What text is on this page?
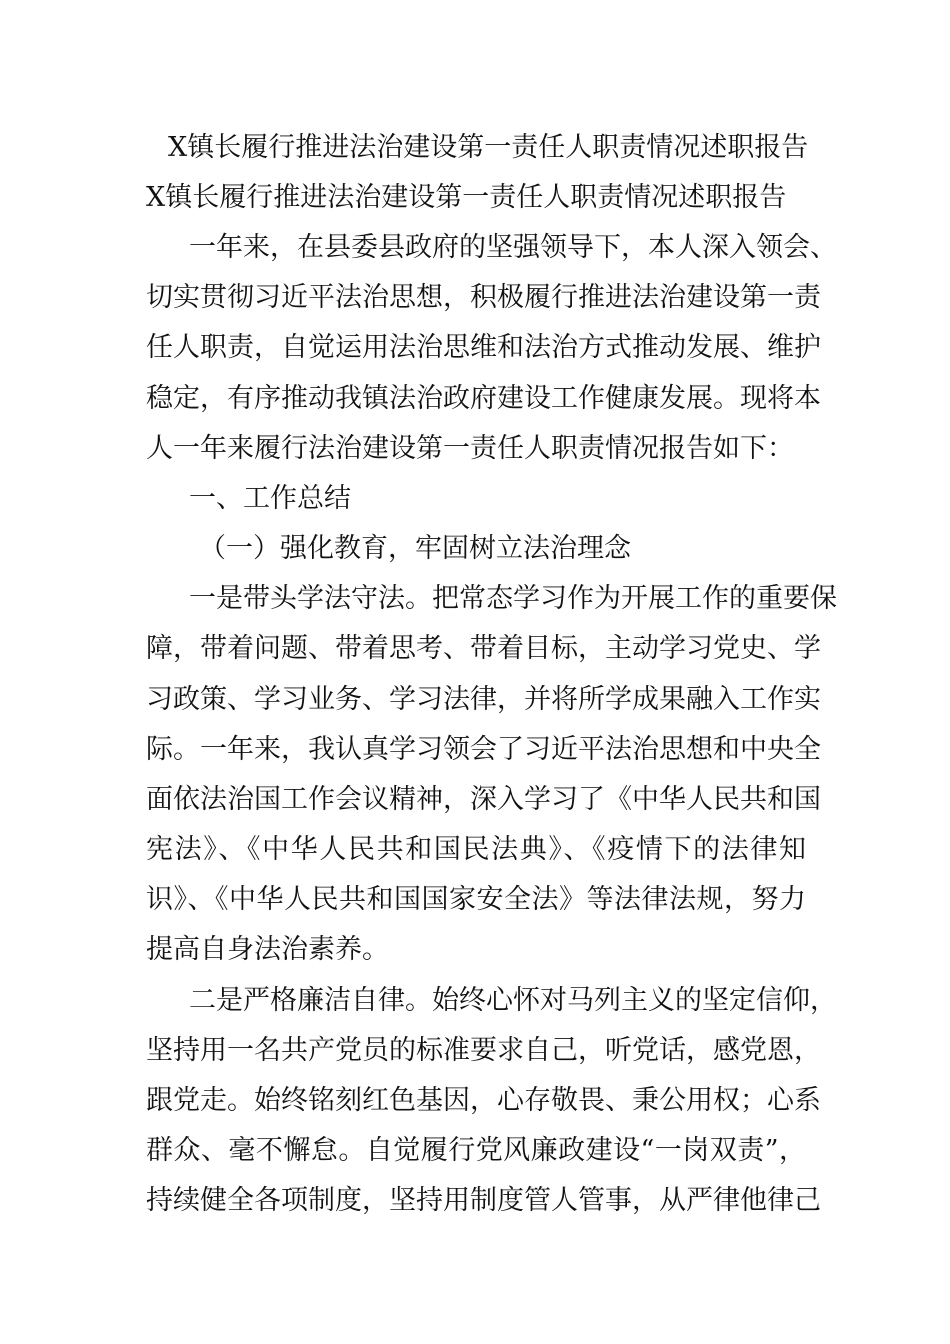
X镇长履行推进法治建设第一责任人职责情况述职报告
X镇长履行推进法治建设第一责任人职责情况述职报告
一年来，在县委县政府的坚强领导下，本人深入领会、
切实贯彻习近平法治思想，积极履行推进法治建设第一责
任人职责，自觉运用法治思维和法治方式推动发展、维护
稳定，有序推动我镇法治政府建设工作健康发展。现将本
人一年来履行法治建设第一责任人职责情况报告如下：
一、工作总结
（一）强化教育，牢固树立法治理念
一是带头学法守法。把常态学习作为开展工作的重要保
障，带着问题、带着思考、带着目标，主动学习党史、学
习政策、学习业务、学习法律，并将所学成果融入工作实
际。一年来，我认真学习领会了习近平法治思想和中央全
面依法治国工作会议精神，深入学习了《中华人民共和国
宪法》、《中华人民共和国民法典》、《疫情下的法律知
识》、《中华人民共和国国家安全法》等法律法规，努力
提高自身法治素养。
二是严格廉洁自律。始终心怀对马列主义的坚定信仰，
坚持用一名共产党员的标准要求自己，听党话，感党恩，
跟党走。始终铭刻红色基因，心存敬畏、秉公用权；心系
群众、毫不懈怠。自觉履行党风廉政建设“一岗双责”，
持续健全各项制度，坚持用制度管人管事，从严律他律己
